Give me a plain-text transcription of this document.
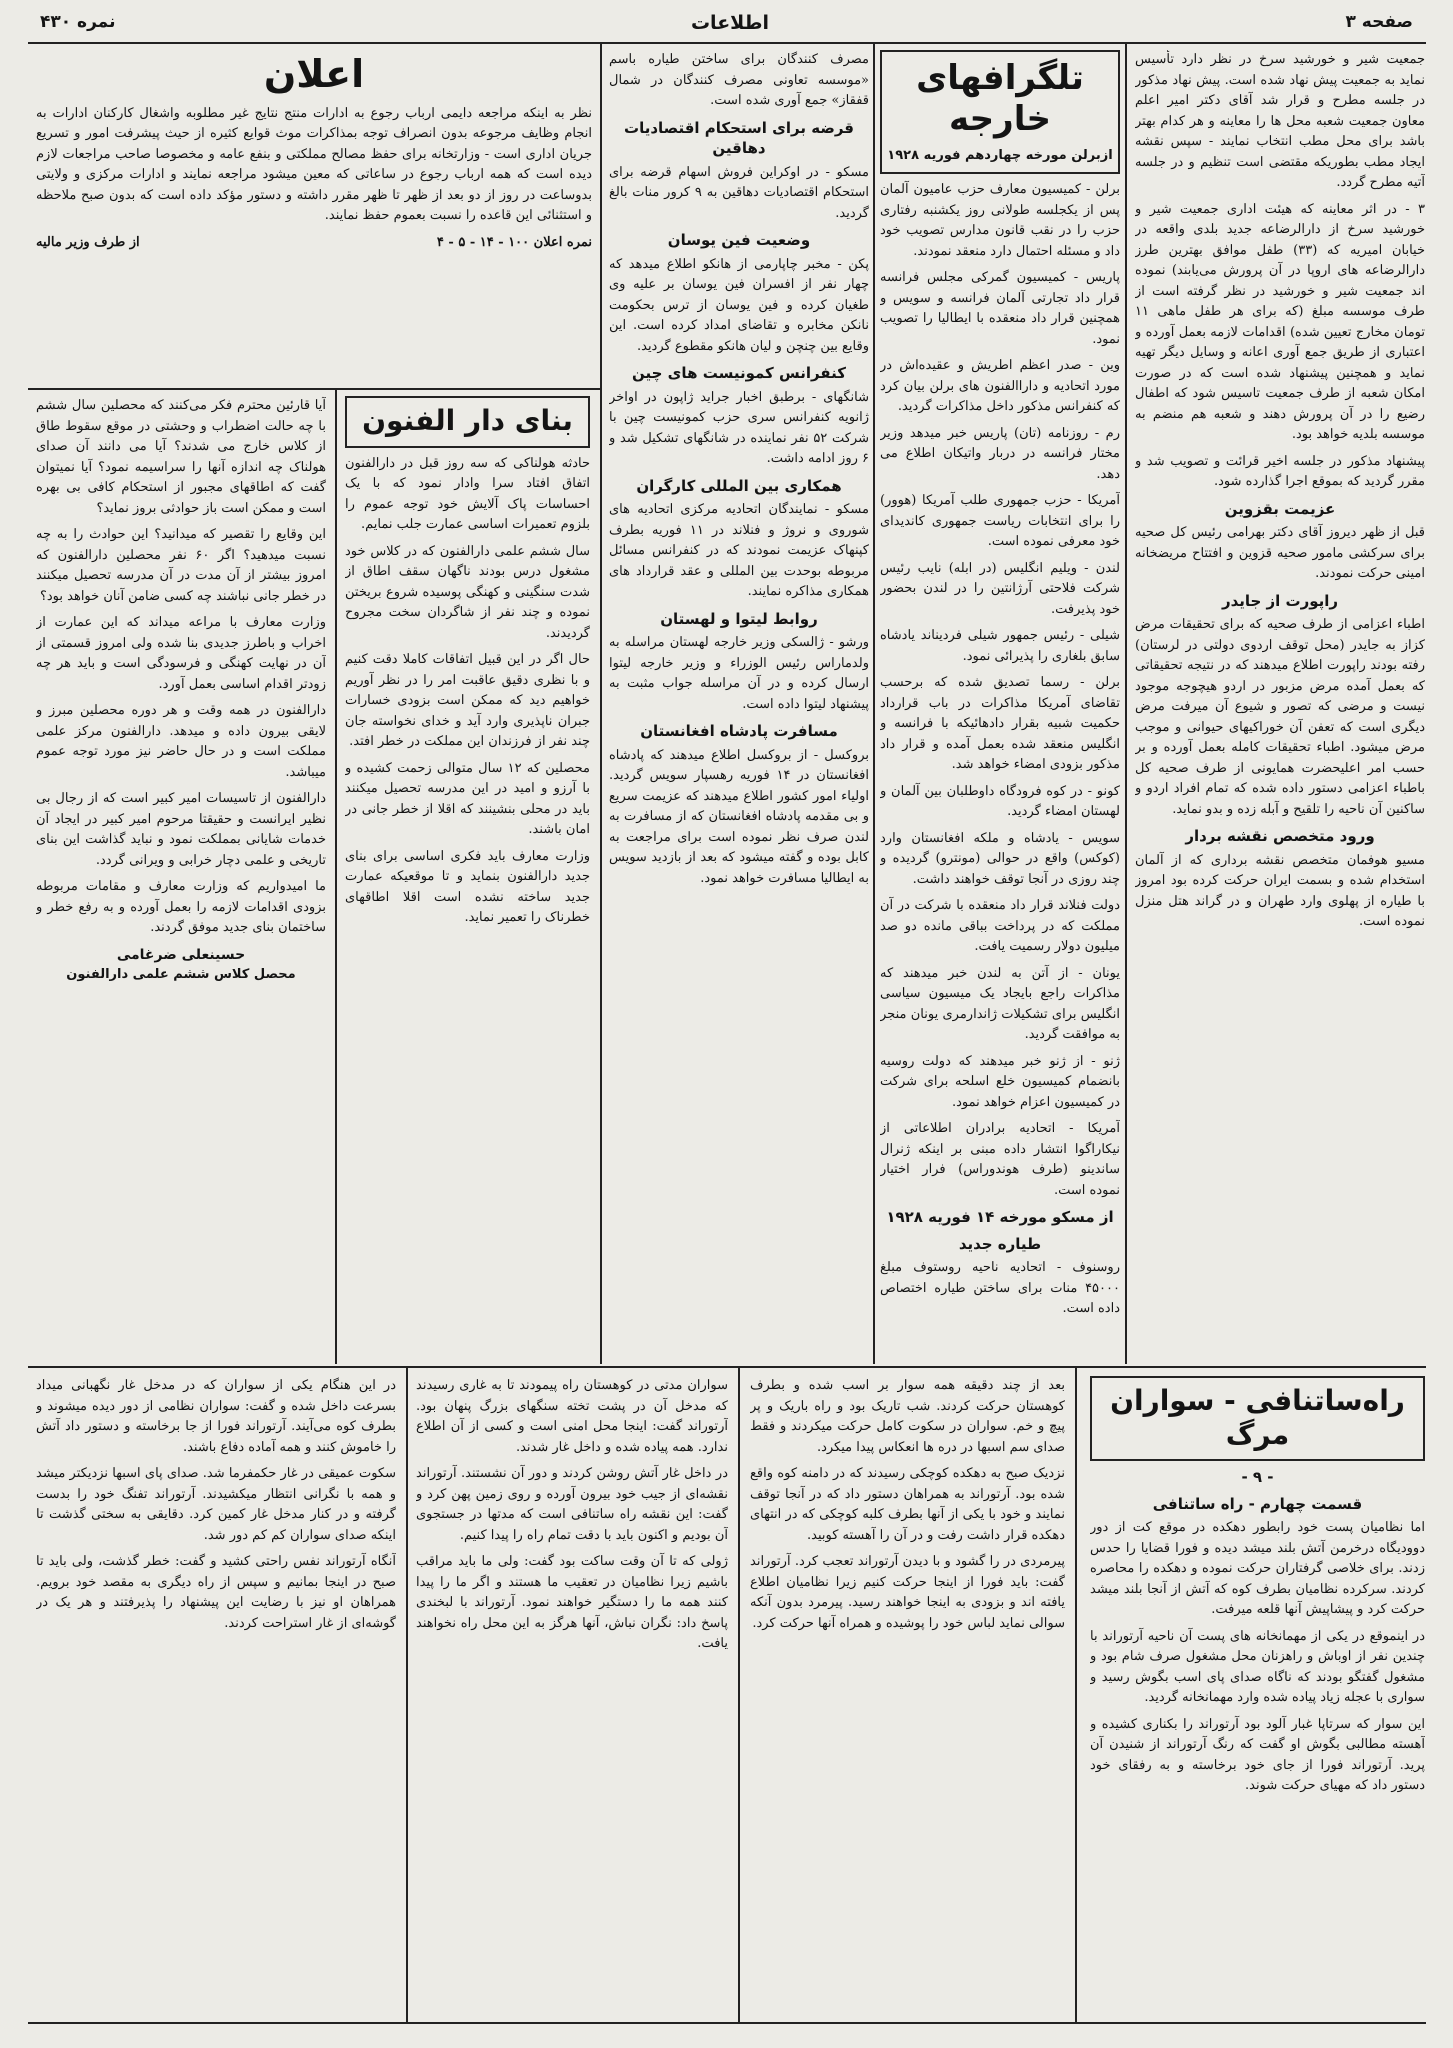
صفحه ۳
اطلاعات
نمره ۴۳۰

جمعیت شیر و خورشید سرخ در نظر دارد تأسیس نماید به جمعیت پیش نهاد شده است. پیش نهاد مذکور در جلسه مطرح و قرار شد آقای دکتر امیر اعلم معاون جمعیت شعبه محل ها را معاینه و هر کدام بهتر باشد برای محل مطب انتخاب نمایند - سپس نقشه ایجاد مطب بطوریکه مقتضی است تنظیم و در جلسه آتیه مطرح گردد.

۳ - در اثر معاینه که هیئت اداری جمعیت شیر و خورشید سرخ از دارالرضاعه جدید بلدی واقعه در خیابان امیریه که (۳۳) طفل موافق بهترین طرز دارالرضاعه های اروپا در آن پرورش می‌یابند) نموده اند جمعیت شیر و خورشید در نظر گرفته است از طرف موسسه مبلغ (که برای هر طفل ماهی ۱۱ تومان مخارج تعیین شده) اقدامات لازمه بعمل آورده و اعتباری از طریق جمع آوری اعانه و وسایل دیگر تهیه نماید و همچنین پیشنهاد شده است که در صورت امکان شعبه از طرف جمعیت تاسیس شود که اطفال رضیع را در آن پرورش دهند و شعبه هم منضم به موسسه بلدیه خواهد بود.

پیشنهاد مذکور در جلسه اخیر قرائت و تصویب شد و مقرر گردید که بموقع اجرا گذارده شود.

عزیمت بقزوین

قبل از ظهر دیروز آقای دکتر بهرامی رئیس کل صحیه برای سرکشی مامور صحیه قزوین و افتتاح مریضخانه امینی حرکت نمودند.

راپورت از جایدر

اطباء اعزامی از طرف صحیه که برای تحقیقات مرض کزاز به جایدر (محل توقف اردوی دولتی در لرستان) رفته بودند راپورت اطلاع میدهند که در نتیجه تحقیقاتی که بعمل آمده مرض مزبور در اردو هیچوجه موجود نیست و مرضی که تصور و شیوع آن میرفت مرض دیگری است که تعفن آن خوراکیهای حیوانی و موجب مرض میشود. اطباء تحقیقات کامله بعمل آورده و بر حسب امر اعلیحضرت همایونی از طرف صحیه کل باطباء اعزامی دستور داده شده که تمام افراد اردو و ساکنین آن ناحیه را تلقیح و آبله زده و بدو نماید.

ورود متخصص نقشه بردار

مسیو هوفمان متخصص نقشه برداری که از آلمان استخدام شده و بسمت ایران حرکت کرده بود امروز با طیاره از پهلوی وارد طهران و در گراند هتل منزل نموده است.

تلگرافهای خارجه
ازبرلن مورخه چهاردهم فوریه ۱۹۲۸

برلن - کمیسیون معارف حزب عامیون آلمان پس از یکجلسه طولانی روز یکشنبه رفتاری حزب را در نقب قانون مدارس تصویب خود داد و مسئله احتمال دارد منعقد نمودند.

پاریس - کمیسیون گمرکی مجلس فرانسه قرار داد تجارتی آلمان فرانسه و سویس و همچنین قرار داد منعقده با ایطالیا را تصویب نمود.

وین - صدر اعظم اطریش و عقیده‌اش در مورد اتحادیه و داراالفنون های برلن بیان کرد که کنفرانس مذکور داخل مذاکرات گردید.

رم - روزنامه (تان) پاریس خبر میدهد وزیر مختار فرانسه در دربار واتیکان اطلاع می دهد.

آمریکا - حزب جمهوری طلب آمریکا (هوور) را برای انتخابات ریاست جمهوری کاندیدای خود معرفی نموده است.

لندن - ویلیم انگلیس (در ابله) نایب رئیس شرکت فلاحتی آرژانتین را در لندن بحضور خود پذیرفت.

شیلی - رئیس جمهور شیلی فردیناند یادشاه سابق بلغاری را پذیرائی نمود.

برلن - رسما تصدیق شده که برحسب تقاضای آمریکا مذاکرات در باب قرارداد حکمیت شبیه بقرار دادهائیکه با فرانسه و انگلیس منعقد شده بعمل آمده و قرار داد مذکور بزودی امضاء خواهد شد.

کونو - در کوه فرودگاه داوطلبان بین آلمان و لهستان امضاء گردید.

سویس - یادشاه و ملکه افغانستان وارد (کوکس) واقع در حوالی (مونترو) گردیده و چند روزی در آنجا توقف خواهند داشت.

دولت فنلاند قرار داد منعقده با شرکت در آن مملکت که در پرداخت بباقی مانده دو صد میلیون دولار رسمیت یافت.

یونان - از آتن به لندن خبر میدهند که مذاکرات راجع بایجاد یک میسیون سیاسی انگلیس برای تشکیلات ژاندارمری یونان منجر به موافقت گردید.

ژنو - از ژنو خبر میدهند که دولت روسیه بانضمام کمیسیون خلع اسلحه برای شرکت در کمیسیون اعزام خواهد نمود.

آمریکا - اتحادیه برادران اطلاعاتی از نیکاراگوا انتشار داده مبنی بر اینکه ژنرال ساندینو (طرف هوندوراس) فرار اختیار نموده است.

از مسکو مورخه ۱۴ فوریه ۱۹۲۸
طیاره جدید

روسنوف - اتحادیه ناحیه روستوف مبلغ ۴۵۰۰۰ منات برای ساختن طیاره اختصاص داده است.

مصرف کنندگان برای ساختن طیاره باسم «موسسه تعاونی مصرف کنندگان در شمال قفقاز» جمع آوری شده است.

قرضه برای استحکام اقتصادیات دهاقین

مسکو - در اوکراین فروش اسهام قرضه برای استحکام اقتصادیات دهاقین به ۹ کرور منات بالغ گردید.

وضعیت فین یوسان

پکن - مخبر چاپارمی از هانکو اطلاع میدهد که چهار نفر از افسران فین یوسان بر علیه وی طغیان کرده و فین یوسان از ترس بحکومت نانکن مخابره و تقاضای امداد کرده است. این وقایع بین چنچن و لیان هانکو مقطوع گردید.

کنفرانس کمونیست های چین

شانگهای - برطبق اخبار جراید ژاپون در اواخر ژانویه کنفرانس سری حزب کمونیست چین با شرکت ۵۲ نفر نماینده در شانگهای تشکیل شد و ۶ روز ادامه داشت.

همکاری بین المللی کارگران

مسکو - نمایندگان اتحادیه مرکزی اتحادیه های شوروی و نروژ و فنلاند در ۱۱ فوریه بطرف کپنهاک عزیمت نمودند که در کنفرانس مسائل مربوطه بوحدت بین المللی و عقد قرارداد های همکاری مذاکره نمایند.

روابط لیتوا و لهستان

ورشو - ژالسکی وزیر خارجه لهستان مراسله به ولدماراس رئیس الوزراء و وزیر خارجه لیتوا ارسال کرده و در آن مراسله جواب مثبت به پیشنهاد لیتوا داده است.

مسافرت پادشاه افغانستان

بروکسل - از بروکسل اطلاع میدهند که پادشاه افغانستان در ۱۴ فوریه رهسپار سویس گردید. اولیاء امور کشور اطلاع میدهند که عزیمت سریع و بی مقدمه پادشاه افغانستان که از مسافرت به لندن صرف نظر نموده است برای مراجعت به کابل بوده و گفته میشود که بعد از بازدید سویس به ایطالیا مسافرت خواهد نمود.

اعلان

نظر به اینکه مراجعه دایمی ارباب رجوع به ادارات منتج نتایج غیر مطلوبه واشغال کارکنان ادارات به انجام وظایف مرجوعه بدون انصراف توجه بمذاکرات موث قوایع کثیره از حیث پیشرفت امور و تسریع جریان اداری است - وزارتخانه برای حفظ مصالح مملکتی و بنفع عامه و مخصوصا صاحب مراجعات لازم دیده است که همه ارباب رجوع در ساعاتی که معین میشود مراجعه نمایند و ادارات مرکزی و ولایتی بدوساعت در روز از دو بعد از ظهر تا ظهر مقرر داشته و دستور مؤکد داده است که بدون صبح ملاحظه و استثنائی این قاعده را نسبت بعموم حفظ نمایند.

نمره اعلان ۱۰۰ - ۱۴ - ۵ - ۴
از طرف وزیر مالیه
بنای دار الفنون

حادثه هولناکی که سه روز قبل در دارالفنون اتفاق افتاد سرا وادار نمود که با یک احساسات پاک آلایش خود توجه عموم را بلزوم تعمیرات اساسی عمارت جلب نمایم.

سال ششم علمی دارالفنون که در کلاس خود مشغول درس بودند ناگهان سقف اطاق از شدت سنگینی و کهنگی پوسیده شروع بریختن نموده و چند نفر از شاگردان سخت مجروح گردیدند.

حال اگر در این قبیل اتفاقات کاملا دقت کنیم و با نظری دقیق عاقبت امر را در نظر آوریم خواهیم دید که ممکن است بزودی خسارات جبران ناپذیری وارد آید و خدای نخواسته جان چند نفر از فرزندان این مملکت در خطر افتد.

محصلین که ۱۲ سال متوالی زحمت کشیده و با آرزو و امید در این مدرسه تحصیل میکنند باید در محلی بنشینند که اقلا از خطر جانی در امان باشند.

وزارت معارف باید فکری اساسی برای بنای جدید دارالفنون بنماید و تا موقعیکه عمارت جدید ساخته نشده است اقلا اطاقهای خطرناک را تعمیر نماید.

آیا قارئین محترم فکر می‌کنند که محصلین سال ششم با چه حالت اضطراب و وحشتی در موقع سقوط طاق از کلاس خارج می شدند؟ آیا می دانند آن صدای هولناک چه اندازه آنها را سراسیمه نمود؟ آیا نمیتوان گفت که اطاقهای مجبور از استحکام کافی بی بهره است و ممکن است باز حوادثی بروز نماید؟

این وقایع را تقصیر که میدانید؟ این حوادث را به چه نسبت میدهید؟ اگر ۶۰ نفر محصلین دارالفنون که امروز بیشتر از آن مدت در آن مدرسه تحصیل میکنند در خطر جانی نباشند چه کسی ضامن آنان خواهد بود؟

وزارت معارف با مراعه میداند که این عمارت از اخراب و باطرز جدیدی بنا شده ولی امروز قسمتی از آن در نهایت کهنگی و فرسودگی است و باید هر چه زودتر اقدام اساسی بعمل آورد.

دارالفنون در همه وقت و هر دوره محصلین مبرز و لایقی بیرون داده و میدهد. دارالفنون مرکز علمی مملکت است و در حال حاضر نیز مورد توجه عموم میباشد.

دارالفنون از تاسیسات امیر کبیر است که از رجال بی نظیر ایرانست و حقیقتا مرحوم امیر کبیر در ایجاد آن خدمات شایانی بمملکت نمود و نباید گذاشت این بنای تاریخی و علمی دچار خرابی و ویرانی گردد.

ما امیدواریم که وزارت معارف و مقامات مربوطه بزودی اقدامات لازمه را بعمل آورده و به رفع خطر و ساختمان بنای جدید موفق گردند.

حسینعلی ضرغامی
محصل کلاس ششم علمی دارالفنون
راه‌ساتنافی - سواران مرگ
- ۹ -
قسمت چهارم - راه ساتنافی

اما نظامیان پست خود رابطور دهکده در موقع کت از دور دوودیگاه درخرمن آتش بلند میشد دیده و فورا قضایا را حدس زدند. برای خلاصی گرفتاران حرکت نموده و دهکده را محاصره کردند. سرکرده نظامیان بطرف کوه که آتش از آنجا بلند میشد حرکت کرد و پیشاپیش آنها قلعه میرفت.

در اینموقع در یکی از مهمانخانه های پست آن ناحیه آرتوراند با چندین نفر از اوباش و راهزنان محل مشغول صرف شام بود و مشغول گفتگو بودند که ناگاه صدای پای اسب بگوش رسید و سواری با عجله زیاد پیاده شده وارد مهمانخانه گردید.

این سوار که سرتاپا غبار آلود بود آرتوراند را بکناری کشیده و آهسته مطالبی بگوش او گفت که رنگ آرتوراند از شنیدن آن پرید. آرتوراند فورا از جای خود برخاسته و به رفقای خود دستور داد که مهیای حرکت شوند.

بعد از چند دقیقه همه سوار بر اسب شده و بطرف کوهستان حرکت کردند. شب تاریک بود و راه باریک و پر پیچ و خم. سواران در سکوت کامل حرکت میکردند و فقط صدای سم اسبها در دره ها انعکاس پیدا میکرد.

نزدیک صبح به دهکده کوچکی رسیدند که در دامنه کوه واقع شده بود. آرتوراند به همراهان دستور داد که در آنجا توقف نمایند و خود با یکی از آنها بطرف کلبه کوچکی که در انتهای دهکده قرار داشت رفت و در آن را آهسته کوبید.

پیرمردی در را گشود و با دیدن آرتوراند تعجب کرد. آرتوراند گفت: باید فورا از اینجا حرکت کنیم زیرا نظامیان اطلاع یافته اند و بزودی به اینجا خواهند رسید. پیرمرد بدون آنکه سوالی نماید لباس خود را پوشیده و همراه آنها حرکت کرد.

سواران مدتی در کوهستان راه پیمودند تا به غاری رسیدند که مدخل آن در پشت تخته سنگهای بزرگ پنهان بود. آرتوراند گفت: اینجا محل امنی است و کسی از آن اطلاع ندارد. همه پیاده شده و داخل غار شدند.

در داخل غار آتش روشن کردند و دور آن نشستند. آرتوراند نقشه‌ای از جیب خود بیرون آورده و روی زمین پهن کرد و گفت: این نقشه راه ساتنافی است که مدتها در جستجوی آن بودیم و اکنون باید با دقت تمام راه را پیدا کنیم.

ژولی که تا آن وقت ساکت بود گفت: ولی ما باید مراقب باشیم زیرا نظامیان در تعقیب ما هستند و اگر ما را پیدا کنند همه ما را دستگیر خواهند نمود. آرتوراند با لبخندی پاسخ داد: نگران نباش، آنها هرگز به این محل راه نخواهند یافت.

در این هنگام یکی از سواران که در مدخل غار نگهبانی میداد بسرعت داخل شده و گفت: سواران نظامی از دور دیده میشوند و بطرف کوه می‌آیند. آرتوراند فورا از جا برخاسته و دستور داد آتش را خاموش کنند و همه آماده دفاع باشند.

سکوت عمیقی در غار حکمفرما شد. صدای پای اسبها نزدیکتر میشد و همه با نگرانی انتظار میکشیدند. آرتوراند تفنگ خود را بدست گرفته و در کنار مدخل غار کمین کرد. دقایقی به سختی گذشت تا اینکه صدای سواران کم کم دور شد.

آنگاه آرتوراند نفس راحتی کشید و گفت: خطر گذشت، ولی باید تا صبح در اینجا بمانیم و سپس از راه دیگری به مقصد خود برویم. همراهان او نیز با رضایت این پیشنهاد را پذیرفتند و هر یک در گوشه‌ای از غار استراحت کردند.
